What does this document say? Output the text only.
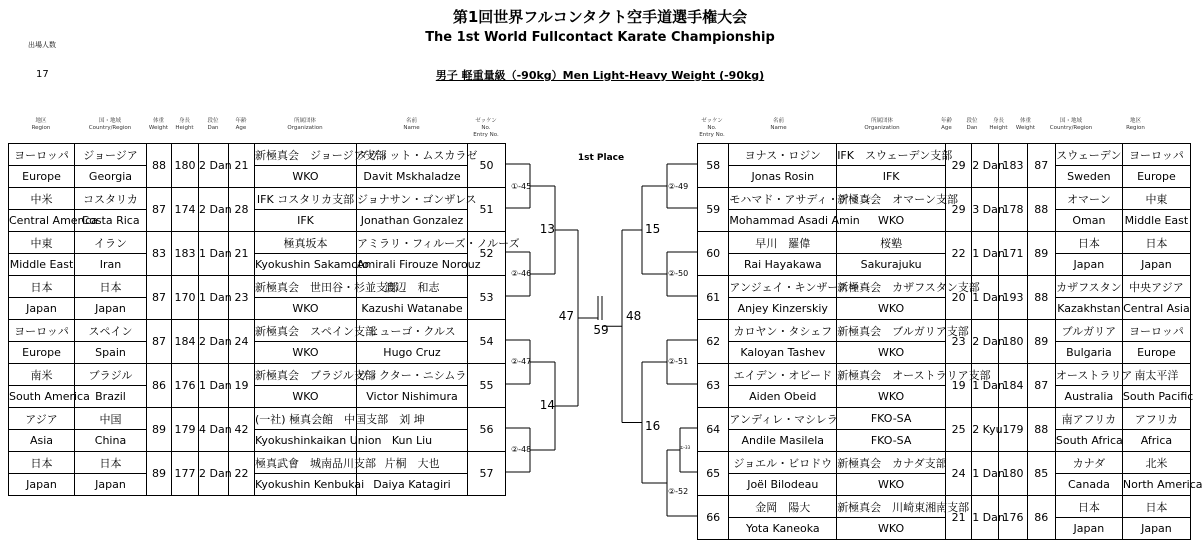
第1回世界フルコンタクト空手道選手権大会
The 1st World Fullcontact Karate Championship
男子 軽重量級（-90kg）Men Light-Heavy Weight (-90kg)
出場人数
17
地区
Region
国・地域
Country/Region
体重
Weight
身長
Height
段位
Dan
年齢
Age
所属団体
Organization
名前
Name
ゼッケン
No.
Entry No.
ゼッケン
No.
Entry No.
名前
Name
所属団体
Organization
年齢
Age
段位
Dan
身長
Height
体重
Weight
国・地域
Country/Region
地区
Region
ヨーロッパ	ジョージア	88	180	2 Dan	21	新極真会　ジョージア支部	ダヴィット・ムスカラゼ	50
Europe	Georgia					WKO	Davit Mskhaladze	
中米	コスタリカ	87	174	2 Dan	28	IFK コスタリカ支部	ジョナサン・ゴンザレス	51
Central America	Costa Rica					IFK	Jonathan Gonzalez	
中東	イラン	83	183	1 Dan	21	極真坂本	アミラリ・フィルーズ・ノルーズ	52
Middle East	Iran					Kyokushin Sakamoto	Amirali Firouze Norouz	
日本	日本	87	170	1 Dan	23	新極真会　世田谷・杉並支部	渡辺　和志	53
Japan	Japan					WKO	Kazushi Watanabe	
ヨーロッパ	スペイン	87	184	2 Dan	24	新極真会　スペイン支部	ヒューゴ・クルス	54
Europe	Spain					WKO	Hugo Cruz	
南米	ブラジル	86	176	1 Dan	19	新極真会　ブラジル支部	ヴィクター・ニシムラ	55
South America	Brazil					WKO	Victor Nishimura	
アジア	中国	89	179	4 Dan	42	(一社) 極真会館　中国支部	刘 坤	56
Asia	China					Kyokushinkaikan Union	Kun Liu	
日本	日本	89	177	2 Dan	22	極真武會　城南品川支部	片桐　大也	57
Japan	Japan					Kyokushin Kenbukai	Daiya Katagiri	
58	ヨナス・ロジン	IFK　スウェーデン支部	29	2 Dan	183	87	スウェーデン	ヨーロッパ
	Jonas Rosin	IFK					Sweden	Europe
59	モハマド・アサディ・アミン	新極真会　オマーン支部	29	3 Dan	178	88	オマーン	中東
	Mohammad Asadi Amin	WKO					Oman	Middle East
60	早川　羅偉	桜塾	22	1 Dan	171	89	日本	日本
	Rai Hayakawa	Sakurajuku					Japan	Japan
61	アンジェイ・キンザースキー	新極真会　カザフスタン支部	20	1 Dan	193	88	カザフスタン	中央アジア
	Anjey Kinzerskiy	WKO					Kazakhstan	Central Asia
62	カロヤン・タシェフ	新極真会　ブルガリア支部	23	2 Dan	180	89	ブルガリア	ヨーロッパ
	Kaloyan Tashev	WKO					Bulgaria	Europe
63	エイデン・オビード	新極真会　オーストラリア支部	19	1 Dan	184	87	オーストラリア	南太平洋
	Aiden Obeid	WKO					Australia	South Pacific
64	アンディレ・マシレラ	FKO-SA	25	2 Kyu	179	88	南アフリカ	アフリカ
	Andile Masilela	FKO-SA					South Africa	Africa
65	ジョエル・ビロドウ	新極真会　カナダ支部	24	1 Dan	180	85	カナダ	北米
	Joël Bilodeau	WKO					Canada	North America
66	金岡　陽大	新極真会　川崎東湘南支部	21	1 Dan	176	86	日本	日本
	Yota Kaneoka	WKO					Japan	Japan
1st Place
59
47	48
13
14
15
16
①-45
②-46
②-47
②-48
②-49
②-50
②-51
②-52
①-33
